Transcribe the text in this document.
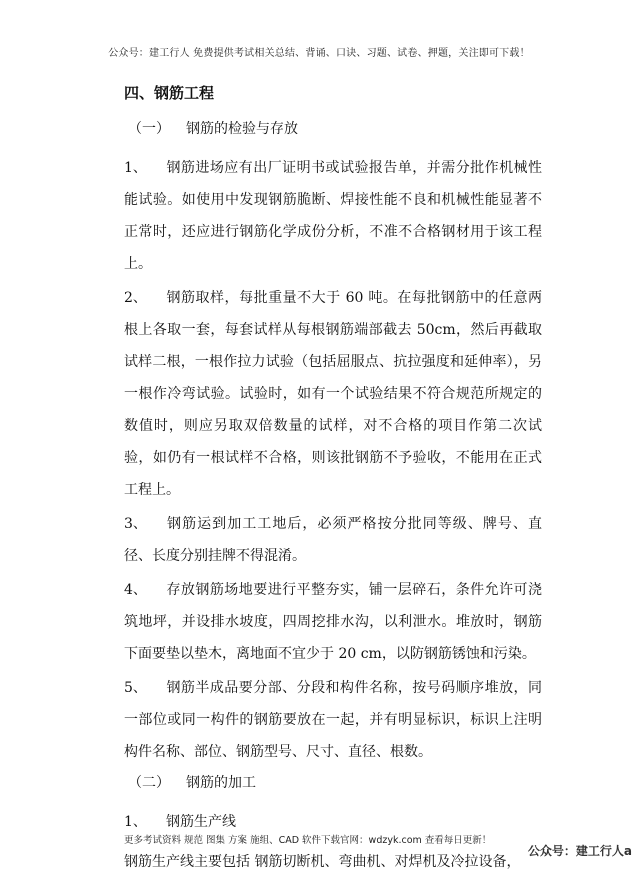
公众号：建工行人 免费提供考试相关总结、背诵、口诀、习题、试卷、押题，关注即可下载！
四、钢筋工程
（一） 钢筋的检验与存放

1、 钢筋进场应有出厂证明书或试验报告单，并需分批作机械性能试验。如使用中发现钢筋脆断、焊接性能不良和机械性能显著不正常时，还应进行钢筋化学成份分析，不准不合格钢材用于该工程上。

2、 钢筋取样，每批重量不大于 60 吨。在每批钢筋中的任意两根上各取一套，每套试样从每根钢筋端部截去 50cm，然后再截取试样二根，一根作拉力试验（包括屈服点、抗拉强度和延伸率），另一根作冷弯试验。试验时，如有一个试验结果不符合规范所规定的数值时，则应另取双倍数量的试样，对不合格的项目作第二次试验，如仍有一根试样不合格，则该批钢筋不予验收，不能用在正式工程上。

3、 钢筋运到加工工地后，必须严格按分批同等级、牌号、直径、长度分别挂牌不得混淆。

4、 存放钢筋场地要进行平整夯实，铺一层碎石，条件允许可浇筑地坪，并设排水坡度，四周挖排水沟，以利泄水。堆放时，钢筋下面要垫以垫木，离地面不宜少于 20 cm，以防钢筋锈蚀和污染。

5、 钢筋半成品要分部、分段和构件名称，按号码顺序堆放，同一部位或同一构件的钢筋要放在一起，并有明显标识，标识上注明构件名称、部位、钢筋型号、尺寸、直径、根数。

（二） 钢筋的加工

1、 钢筋生产线

钢筋生产线主要包括 钢筋切断机、弯曲机、对焊机及冷拉设备，

更多考试资料 规范 图集 方案 施组、CAD 软件下载官网：wdzyk.com 查看每日更新！
公众号：建工行人a
